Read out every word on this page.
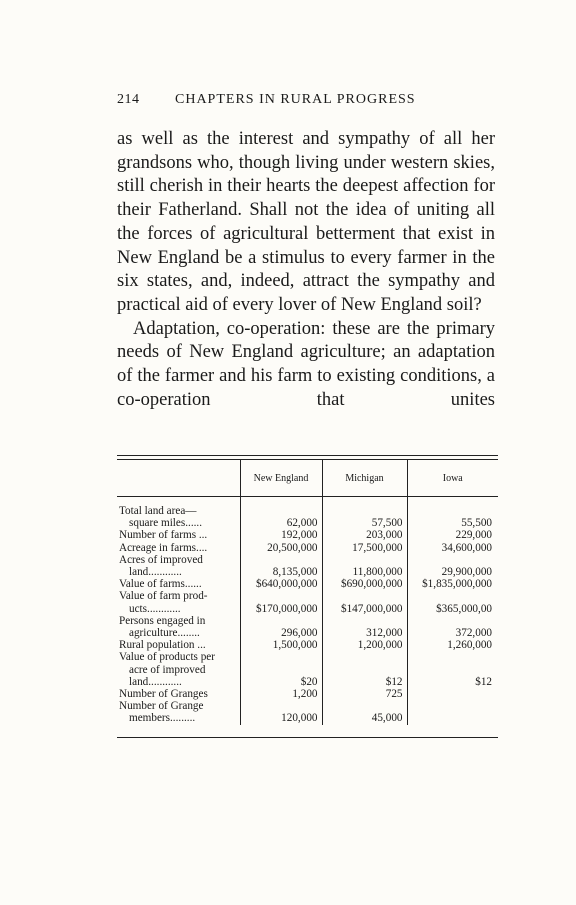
214	CHAPTERS IN RURAL PROGRESS

as well as the interest and sympathy of all her grandsons who, though living under western skies, still cherish in their hearts the deepest affection for their Fatherland. Shall not the idea of uniting all the forces of agricultural betterment that exist in New England be a stimulus to every farmer in the six states, and, indeed, attract the sympathy and practical aid of every lover of New England soil?

Adaptation, co-operation: these are the primary needs of New England agriculture; an adaptation of the farmer and his farm to existing conditions, a co-operation that unites

	New England	Michigan	Iowa

Total land area—
square miles......	62,000	57,500	55,500

Number of farms ...	192,000	203,000	229,000

Acreage in farms....	20,500,000	17,500,000	34,600,000

Acres of improved
land............	8,135,000	11,800,000	29,900,000

Value of farms......	$640,000,000	$690,000,000	$1,835,000,000

Value of farm prod-
ucts............	$170,000,000	$147,000,000	$365,000,00

Persons engaged in
agriculture........	296,000	312,000	372,000

Rural population ...	1,500,000	1,200,000	1,260,000

Value of products per
acre of improved
land............	$20	$12	$12

Number of Granges	1,200	725	

Number of Grange
members.........	120,000	45,000	
